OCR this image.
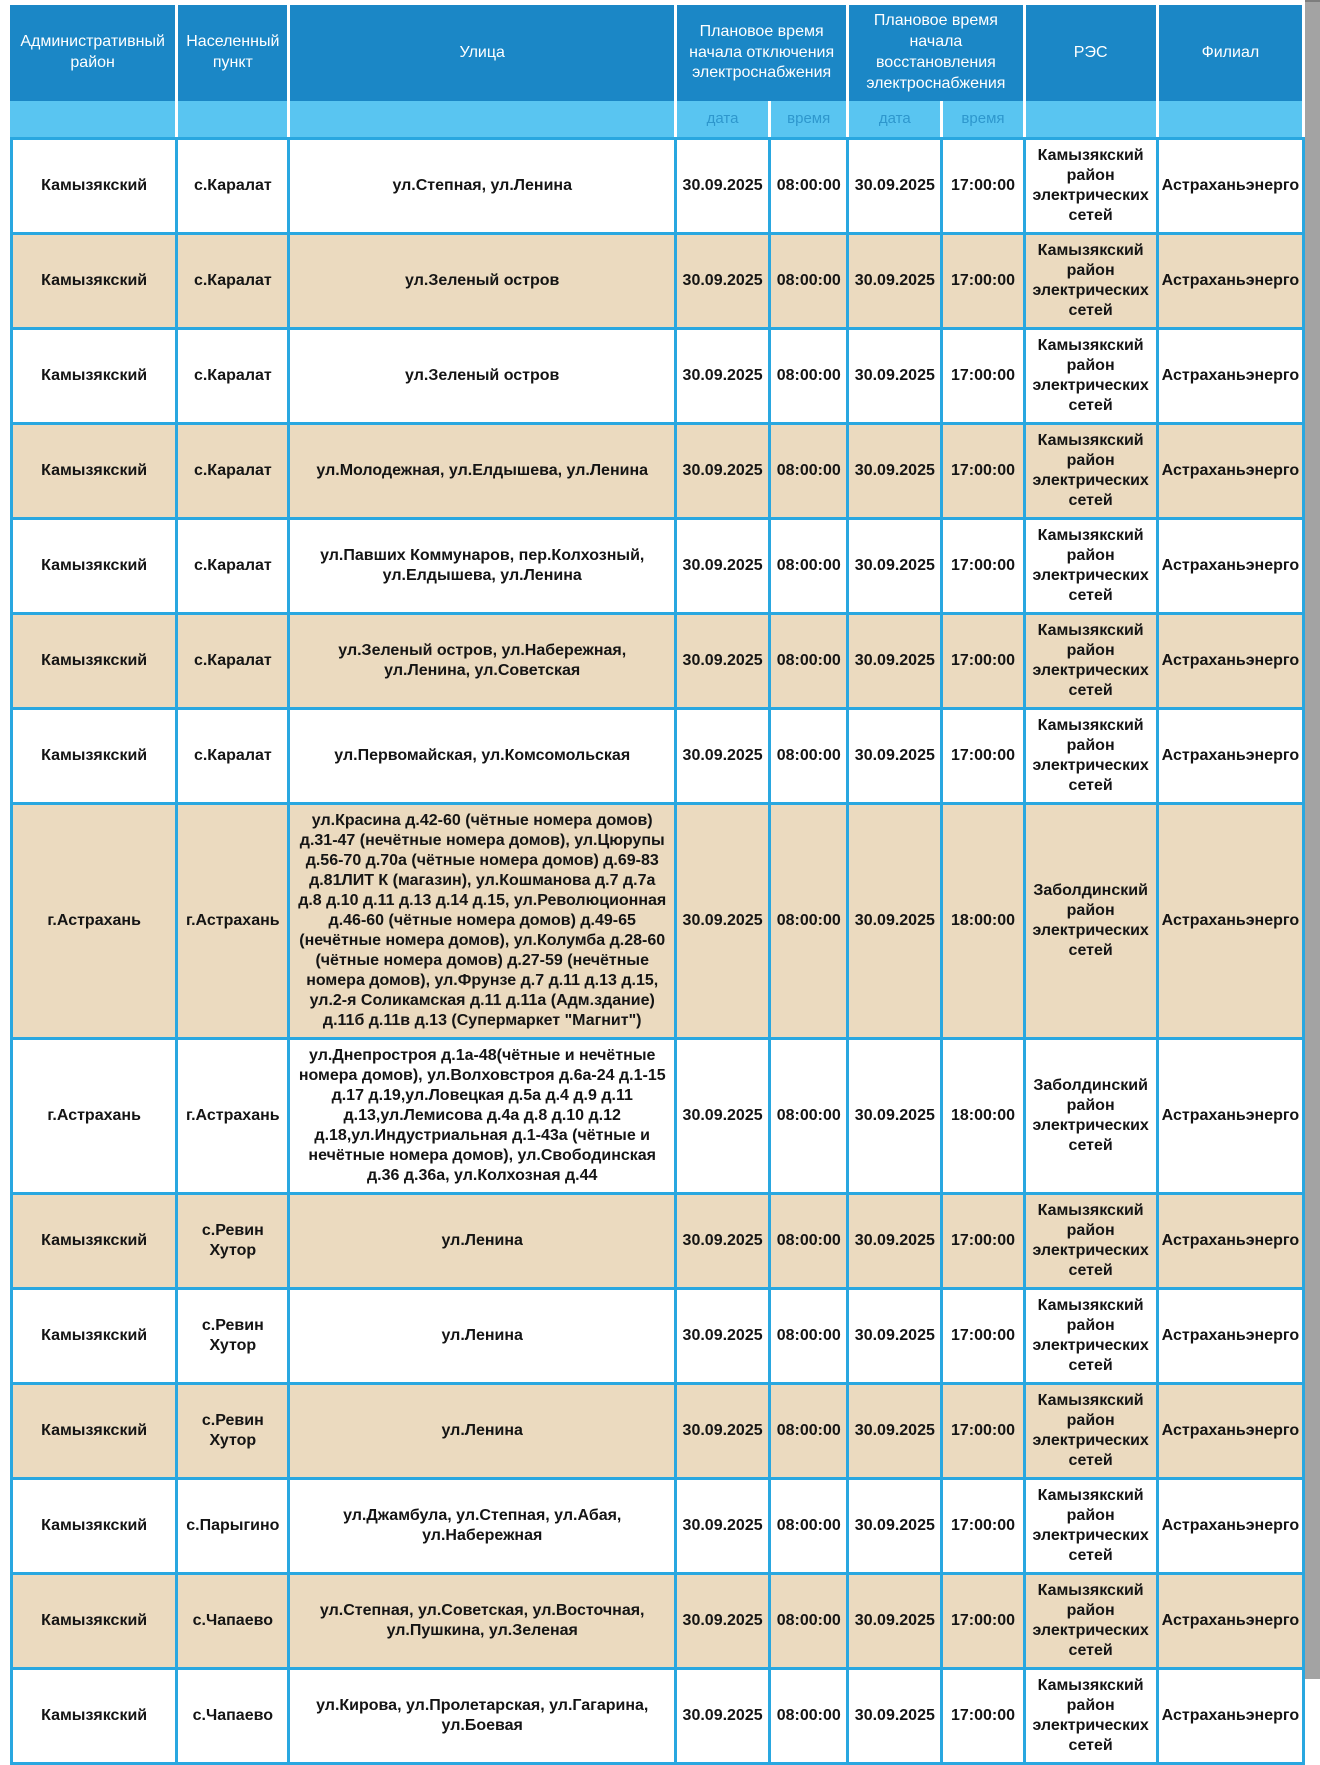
Административный район	Населенный пункт	Улица	Плановое время начала отключения электроснабжения		Плановое время начала восстановления электроснабжения		РЭС	Филиал
			дата	время	дата	время		
Камызякский	с.Каралат	ул.Степная, ул.Ленина	30.09.2025	08:00:00	30.09.2025	17:00:00	Камызякский район электрических сетей	Астраханьэнерго
Камызякский	с.Каралат	ул.Зеленый остров	30.09.2025	08:00:00	30.09.2025	17:00:00	Камызякский район электрических сетей	Астраханьэнерго
Камызякский	с.Каралат	ул.Зеленый остров	30.09.2025	08:00:00	30.09.2025	17:00:00	Камызякский район электрических сетей	Астраханьэнерго
Камызякский	с.Каралат	ул.Молодежная, ул.Елдышева, ул.Ленина	30.09.2025	08:00:00	30.09.2025	17:00:00	Камызякский район электрических сетей	Астраханьэнерго
Камызякский	с.Каралат	ул.Павших Коммунаров, пер.Колхозный, ул.Елдышева, ул.Ленина	30.09.2025	08:00:00	30.09.2025	17:00:00	Камызякский район электрических сетей	Астраханьэнерго
Камызякский	с.Каралат	ул.Зеленый остров, ул.Набережная, ул.Ленина, ул.Советская	30.09.2025	08:00:00	30.09.2025	17:00:00	Камызякский район электрических сетей	Астраханьэнерго
Камызякский	с.Каралат	ул.Первомайская, ул.Комсомольская	30.09.2025	08:00:00	30.09.2025	17:00:00	Камызякский район электрических сетей	Астраханьэнерго
г.Астрахань	г.Астрахань	ул.Красина д.42-60 (чётные номера домов) д.31-47 (нечётные номера домов), ул.Цюрупы д.56-70 д.70а (чётные номера домов) д.69-83 д.81ЛИТ К (магазин), ул.Кошманова д.7 д.7а д.8 д.10 д.11 д.13 д.14 д.15, ул.Революционная д.46-60 (чётные номера домов) д.49-65 (нечётные номера домов), ул.Колумба д.28-60 (чётные номера домов) д.27-59 (нечётные номера домов), ул.Фрунзе д.7 д.11 д.13 д.15, ул.2-я Соликамская д.11 д.11а (Адм.здание) д.11б д.11в д.13 (Супермаркет "Магнит")	30.09.2025	08:00:00	30.09.2025	18:00:00	Заболдинский район электрических сетей	Астраханьэнерго
г.Астрахань	г.Астрахань	ул.Днепростроя д.1а-48(чётные и нечётные номера домов), ул.Волховстроя д.6а-24 д.1-15 д.17 д.19,ул.Ловецкая д.5а д.4 д.9 д.11 д.13,ул.Лемисова д.4а д.8 д.10 д.12 д.18,ул.Индустриальная д.1-43а (чётные и нечётные номера домов), ул.Свободинская д.36 д.36а, ул.Колхозная д.44	30.09.2025	08:00:00	30.09.2025	18:00:00	Заболдинский район электрических сетей	Астраханьэнерго
Камызякский	с.Ревин Хутор	ул.Ленина	30.09.2025	08:00:00	30.09.2025	17:00:00	Камызякский район электрических сетей	Астраханьэнерго
Камызякский	с.Ревин Хутор	ул.Ленина	30.09.2025	08:00:00	30.09.2025	17:00:00	Камызякский район электрических сетей	Астраханьэнерго
Камызякский	с.Ревин Хутор	ул.Ленина	30.09.2025	08:00:00	30.09.2025	17:00:00	Камызякский район электрических сетей	Астраханьэнерго
Камызякский	с.Парыгино	ул.Джамбула, ул.Степная, ул.Абая, ул.Набережная	30.09.2025	08:00:00	30.09.2025	17:00:00	Камызякский район электрических сетей	Астраханьэнерго
Камызякский	с.Чапаево	ул.Степная, ул.Советская, ул.Восточная, ул.Пушкина, ул.Зеленая	30.09.2025	08:00:00	30.09.2025	17:00:00	Камызякский район электрических сетей	Астраханьэнерго
Камызякский	с.Чапаево	ул.Кирова, ул.Пролетарская, ул.Гагарина, ул.Боевая	30.09.2025	08:00:00	30.09.2025	17:00:00	Камызякский район электрических сетей	Астраханьэнерго
